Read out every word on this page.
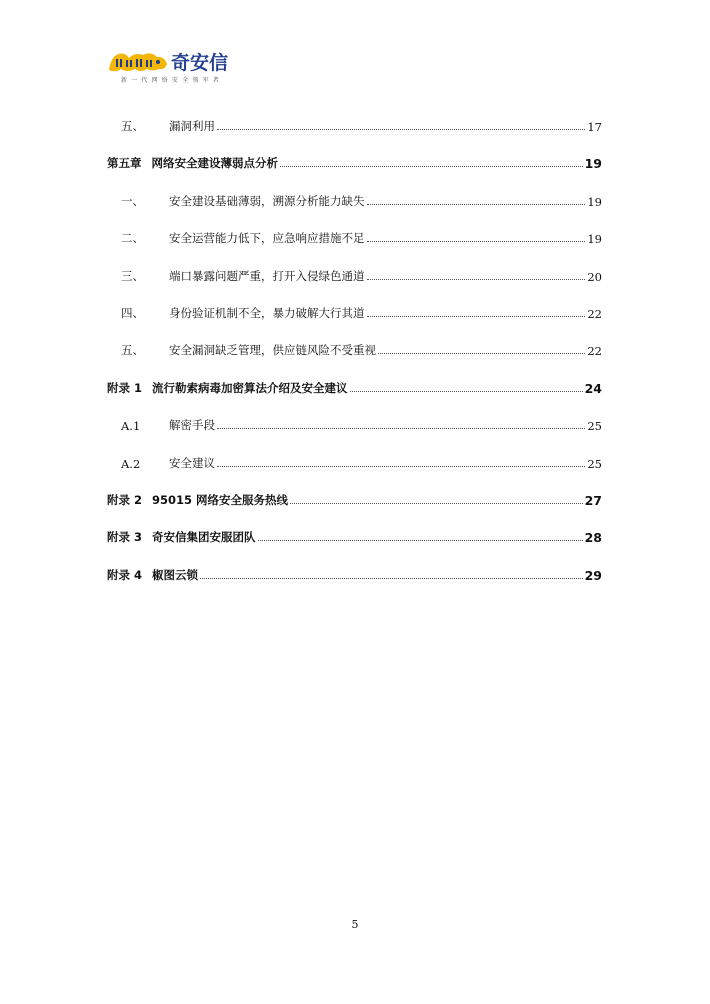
奇安信
新一代网络安全领军者
五、	漏洞利用	17
第五章 网络安全建设薄弱点分析	19
一、	安全建设基础薄弱，溯源分析能力缺失	19
二、	安全运营能力低下，应急响应措施不足	19
三、	端口暴露问题严重，打开入侵绿色通道	20
四、	身份验证机制不全，暴力破解大行其道	22
五、	安全漏洞缺乏管理，供应链风险不受重视	22
附录 1 流行勒索病毒加密算法介绍及安全建议	24
A.1	解密手段	25
A.2	安全建议	25
附录 2 95015 网络安全服务热线	27
附录 3 奇安信集团安服团队	28
附录 4 椒图云锁	29
5
